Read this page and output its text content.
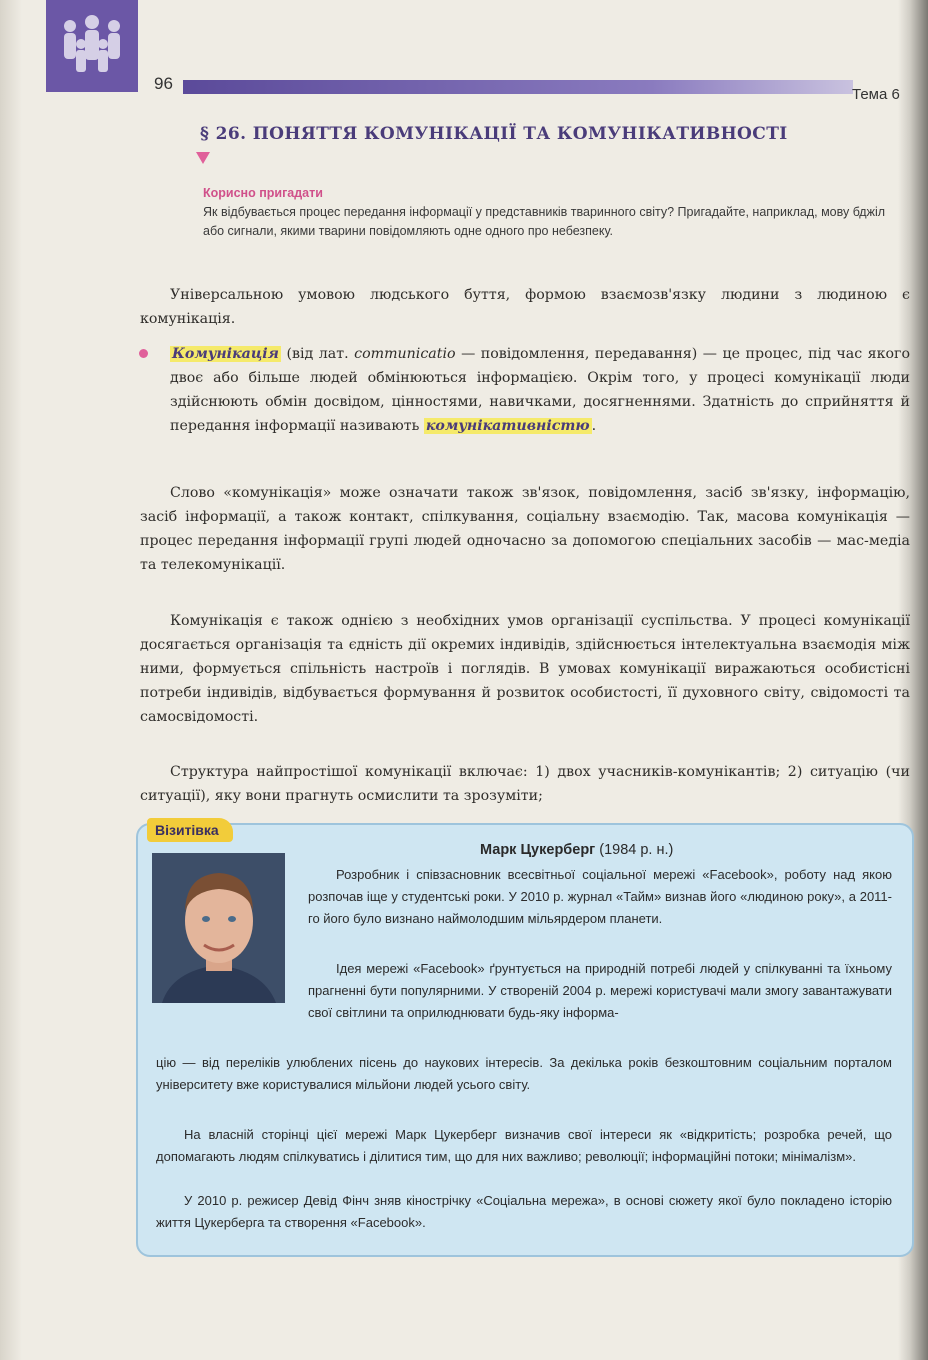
96
Тема 6
§ 26. ПОНЯТТЯ КОМУНІКАЦІЇ ТА КОМУНІКАТИВНОСТІ
Корисно пригадати
Як відбувається процес передання інформації у представників тваринного світу? Пригадайте, наприклад, мову бджіл або сигнали, якими тварини повідомляють одне одного про небезпеку.
Універсальною умовою людського буття, формою взаємозв'язку людини з людиною є комунікація.
Комунікація (від лат. communicatio — повідомлення, передавання) — це процес, під час якого двоє або більше людей обмінюються інформацією. Окрім того, у процесі комунікації люди здійснюють обмін досвідом, цінностями, навичками, досягненнями. Здатність до сприйняття й передання інформації називають комунікативністю .
Слово «комунікація» може означати також зв'язок, повідомлення, засіб зв'язку, інформацію, засіб інформації, а також контакт, спілкування, соціальну взаємодію. Так, масова комунікація — процес передання інформації групі людей одночасно за допомогою спеціальних засобів — мас-медіа та телекомунікації.
Комунікація є також однією з необхідних умов організації суспільства. У процесі комунікації досягається організація та єдність дії окремих індивідів, здійснюється інтелектуальна взаємодія між ними, формується спільність настроїв і поглядів. В умовах комунікації виражаються особистісні потреби індивідів, відбувається формування й розвиток особистості, її духовного світу, свідомості та самосвідомості.
Структура найпростішої комунікації включає: 1) двох учасників-комунікантів; 2) ситуацію (чи ситуації), яку вони прагнуть осмислити та зрозуміти;
Візитівка
Марк Цукерберг (1984 р. н.)
Розробник і співзасновник всесвітньої соціальної мережі «Facebook», роботу над якою розпочав іще у студентські роки. У 2010 р. журнал «Тайм» визнав його «людиною року», а 2011-го його було визнано наймолодшим мільярдером планети.
Ідея мережі «Facebook» ґрунтується на природній потребі людей у спілкуванні та їхньому прагненні бути популярними. У створеній 2004 р. мережі користувачі мали змогу завантажувати свої світлини та оприлюднювати будь-яку інформа-
цію — від переліків улюблених пісень до наукових інтересів. За декілька років безкоштовним соціальним порталом університету вже користувалися мільйони людей усього світу.
На власній сторінці цієї мережі Марк Цукерберг визначив свої інтереси як «відкритість; розробка речей, що допомагають людям спілкуватись і ділитися тим, що для них важливо; революції; інформаційні потоки; мінімалізм».
У 2010 р. режисер Девід Фінч зняв кінострічку «Соціальна мережа», в основі сюжету якої було покладено історію життя Цукерберга та створення «Facebook».
